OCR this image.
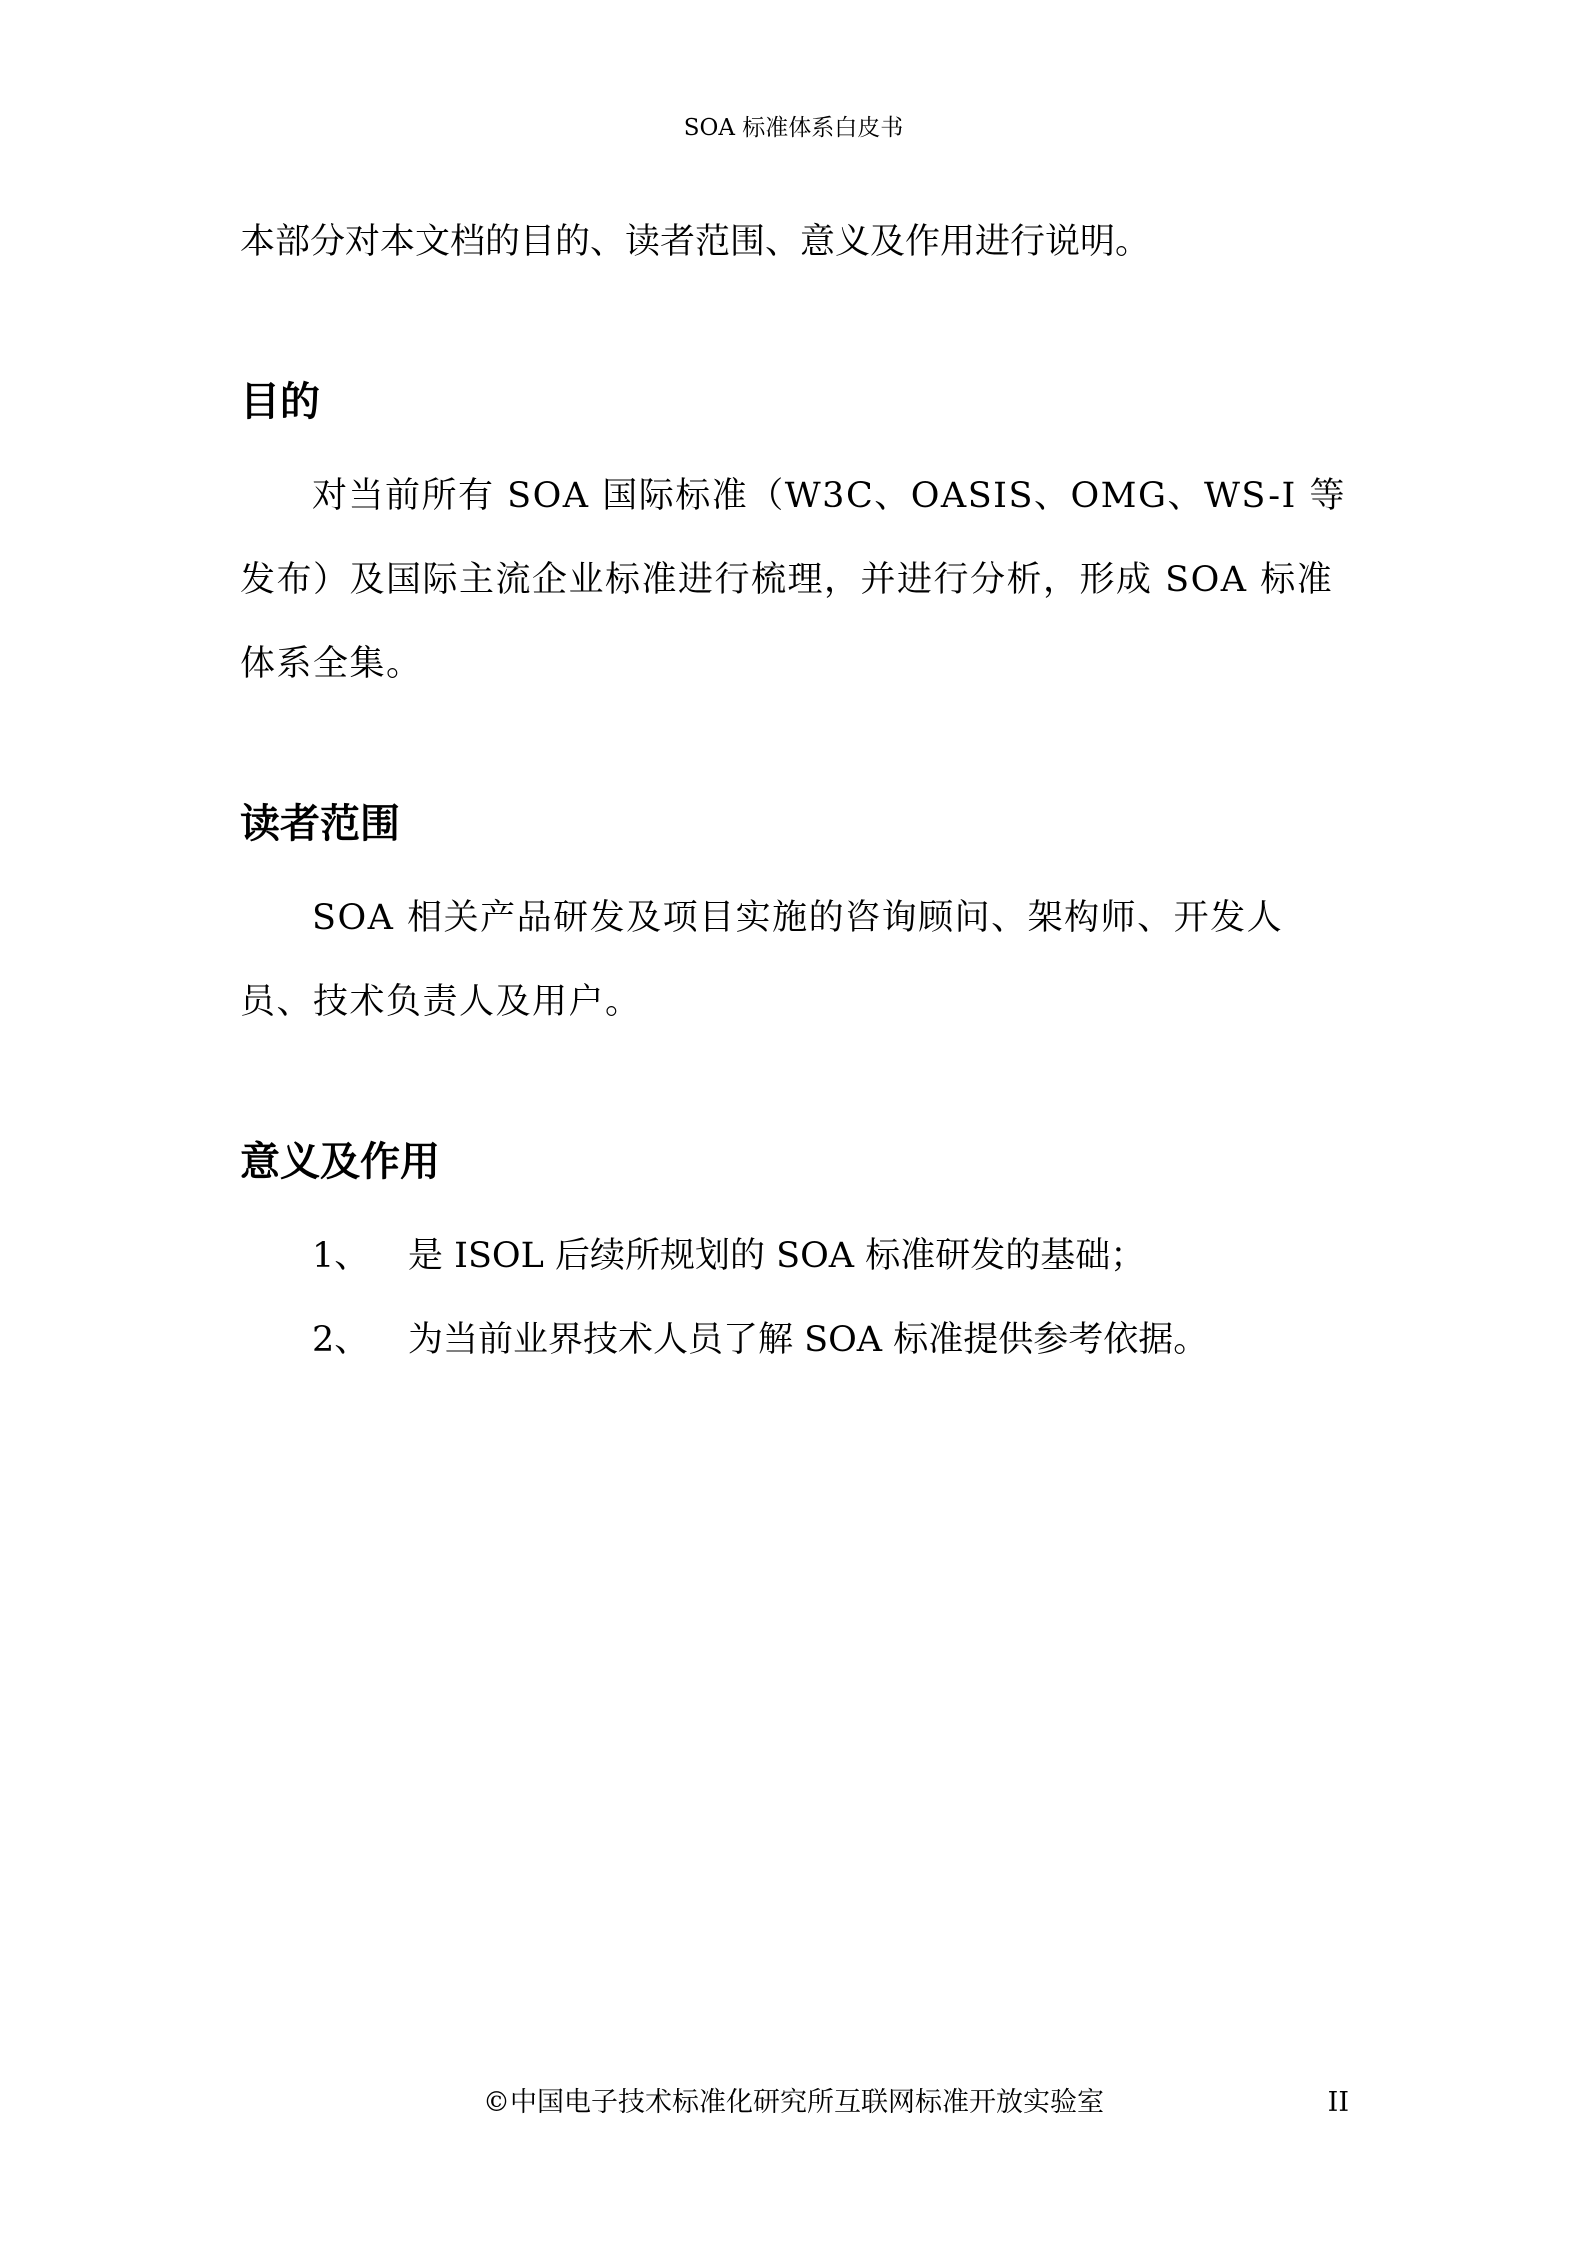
SOA 标准体系白皮书

本部分对本文档的目的、读者范围、意义及作用进行说明。

目的

对当前所有 SOA 国际标准（W3C、OASIS、OMG、WS-I 等发布）及国际主流企业标准进行梳理，并进行分析，形成 SOA 标准体系全集。

读者范围

SOA 相关产品研发及项目实施的咨询顾问、架构师、开发人员、技术负责人及用户。

意义及作用
1、	是 ISOL 后续所规划的 SOA 标准研发的基础；
2、	为当前业界技术人员了解 SOA 标准提供参考依据。
©中国电子技术标准化研究所互联网标准开放实验室	II
